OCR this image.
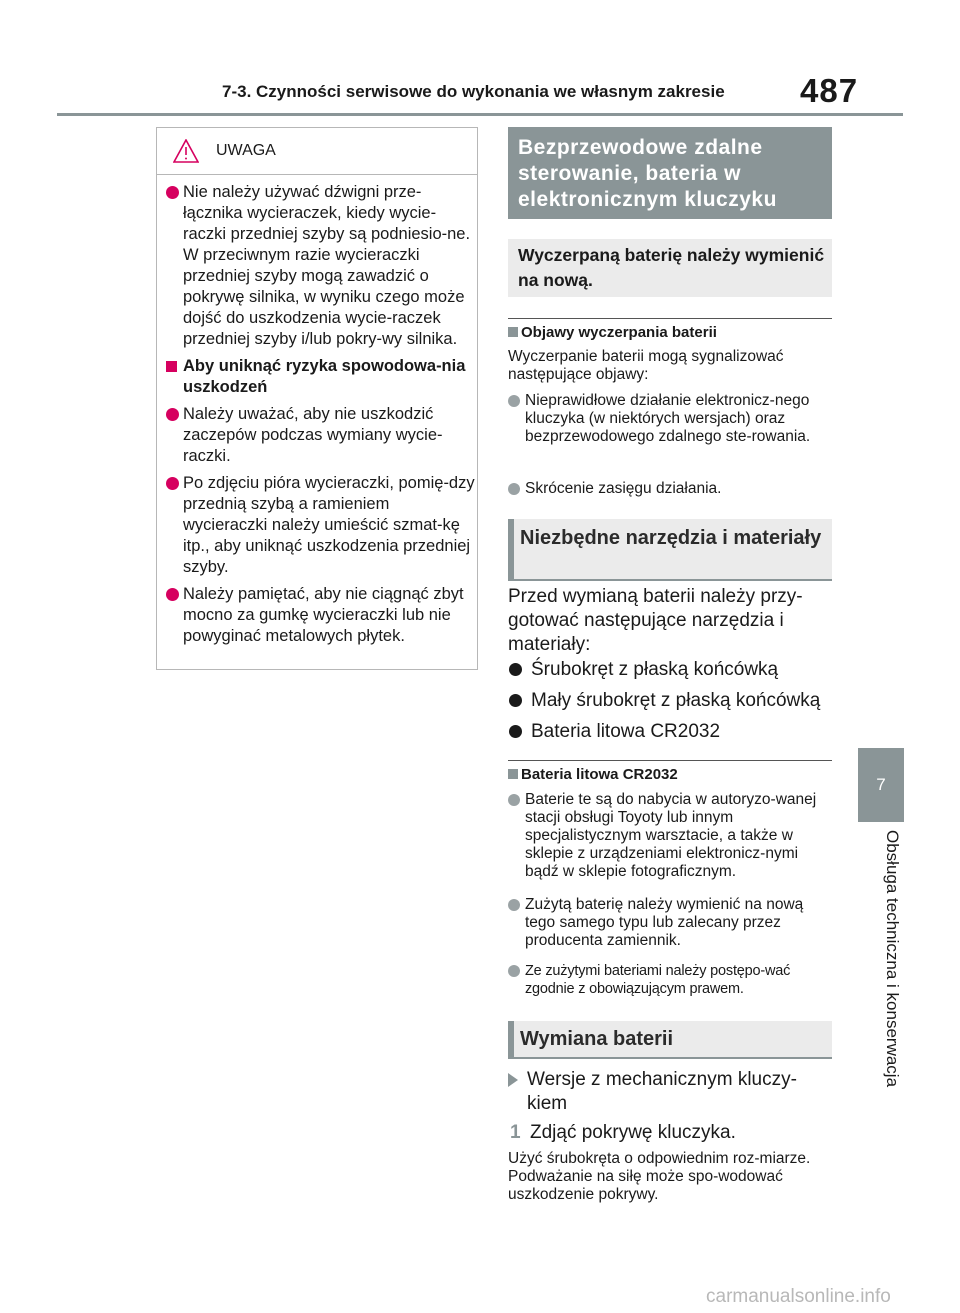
7-3. Czynności serwisowe do wykonania we własnym zakresie 487
7
Obsługa techniczna i konserwacja
UWAGA
Nie należy używać dźwigni prze-łącznika wycieraczek, kiedy wycie-raczki przedniej szyby są podniesio-ne. W przeciwnym razie wycieraczki przedniej szyby mogą zawadzić o pokrywę silnika, w wyniku czego może dojść do uszkodzenia wycie-raczek przedniej szyby i/lub pokry-wy silnika.
Aby uniknąć ryzyka spowodowa-nia uszkodzeń
Należy uważać, aby nie uszkodzić zaczepów podczas wymiany wycie-raczki.
Po zdjęciu pióra wycieraczki, pomię-dzy przednią szybą a ramieniem wycieraczki należy umieścić szmat-kę itp., aby uniknąć uszkodzenia przedniej szyby.
Należy pamiętać, aby nie ciągnąć zbyt mocno za gumkę wycieraczki lub nie powyginać metalowych płytek.
Bezprzewodowe zdalne sterowanie, bateria w elektronicznym kluczyku
Wyczerpaną baterię należy wymienić na nową.
Objawy wyczerpania baterii
Wyczerpanie baterii mogą sygnalizować następujące objawy:
Nieprawidłowe działanie elektronicz-nego kluczyka (w niektórych wersjach) oraz bezprzewodowego zdalnego ste-rowania.
Skrócenie zasięgu działania.
Niezbędne narzędzia i materiały
Przed wymianą baterii należy przy-gotować następujące narzędzia i materiały:
Śrubokręt z płaską końcówką
Mały śrubokręt z płaską końcówką
Bateria litowa CR2032
Bateria litowa CR2032
Baterie te są do nabycia w autoryzo-wanej stacji obsługi Toyoty lub innym specjalistycznym warsztacie, a także w sklepie z urządzeniami elektronicz-nymi bądź w sklepie fotograficznym.
Zużytą baterię należy wymienić na nową tego samego typu lub zalecany przez producenta zamiennik.
Ze zużytymi bateriami należy postępo-wać zgodnie z obowiązującym prawem.
Wymiana baterii
Wersje z mechanicznym kluczy-kiem
1 Zdjąć pokrywę kluczyka.
Użyć śrubokręta o odpowiednim roz-miarze. Podważanie na siłę może spo-wodować uszkodzenie pokrywy.
carmanualsonline.info
